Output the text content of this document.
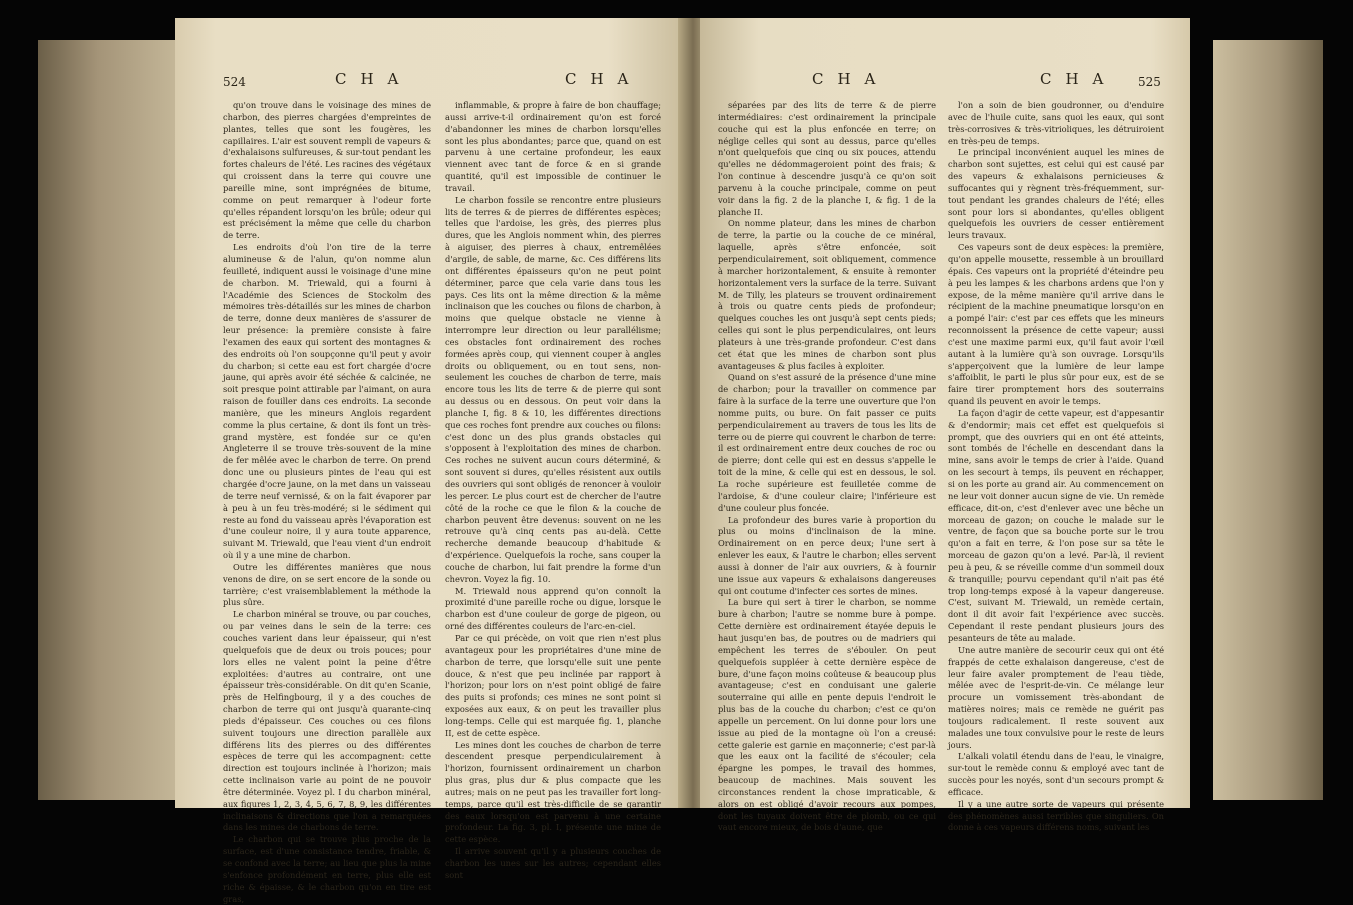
524	CHA	CHA

qu'on trouve dans le voisinage des mines de charbon, des pierres chargées d'empreintes de plantes, telles que sont les fougères, les capillaires. L'air est souvent rempli de vapeurs & d'exhalaisons sulfureuses, & sur-tout pendant les fortes chaleurs de l'été. Les racines des végétaux qui croissent dans la terre qui couvre une pareille mine, sont imprégnées de bitume, comme on peut remarquer à l'odeur forte qu'elles répandent lorsqu'on les brûle; odeur qui est précisément la même que celle du charbon de terre.

Les endroits d'où l'on tire de la terre alumineuse & de l'alun, qu'on nomme alun feuilleté, indiquent aussi le voisinage d'une mine de charbon. M. Triewald, qui a fourni à l'Académie des Sciences de Stockolm des mémoires très-détaillés sur les mines de charbon de terre, donne deux manières de s'assurer de leur présence: la première consiste à faire l'examen des eaux qui sortent des montagnes & des endroits où l'on soupçonne qu'il peut y avoir du charbon; si cette eau est fort chargée d'ocre jaune, qui après avoir été séchée & calcinée, ne soit presque point attirable par l'aimant, on aura raison de fouiller dans ces endroits. La seconde manière, que les mineurs Anglois regardent comme la plus certaine, & dont ils font un très-grand mystère, est fondée sur ce qu'en Angleterre il se trouve très-souvent de la mine de fer mêlée avec le charbon de terre. On prend donc une ou plusieurs pintes de l'eau qui est chargée d'ocre jaune, on la met dans un vaisseau de terre neuf vernissé, & on la fait évaporer par à peu à un feu très-modéré; si le sédiment qui reste au fond du vaisseau après l'évaporation est d'une couleur noire, il y aura toute apparence, suivant M. Triewald, que l'eau vient d'un endroit où il y a une mine de charbon.

Outre les différentes manières que nous venons de dire, on se sert encore de la sonde ou tarrière; c'est vraisemblablement la méthode la plus sûre.

Le charbon minéral se trouve, ou par couches, ou par veines dans le sein de la terre: ces couches varient dans leur épaisseur, qui n'est quelquefois que de deux ou trois pouces; pour lors elles ne valent point la peine d'être exploitées: d'autres au contraire, ont une épaisseur très-considérable. On dit qu'en Scanie, près de Helfingbourg, il y a des couches de charbon de terre qui ont jusqu'à quarante-cinq pieds d'épaisseur. Ces couches ou ces filons suivent toujours une direction parallèle aux différens lits des pierres ou des différentes espèces de terre qui les accompagnent: cette direction est toujours inclinée à l'horizon; mais cette inclinaison varie au point de ne pouvoir être déterminée. Voyez pl. I du charbon minéral, aux figures 1, 2, 3, 4, 5, 6, 7, 8, 9, les différentes inclinaisons & directions que l'on a remarquées dans les mines de charbons de terre.

Le charbon qui se trouve plus proche de la surface, est d'une consistance tendre, friable, & se confond avec la terre; au lieu que plus la mine s'enfonce profondément en terre, plus elle est riche & épaisse, & le charbon qu'on en tire est gras,

inflammable, & propre à faire de bon chauffage; aussi arrive-t-il ordinairement qu'on est forcé d'abandonner les mines de charbon lorsqu'elles sont les plus abondantes; parce que, quand on est parvenu à une certaine profondeur, les eaux viennent avec tant de force & en si grande quantité, qu'il est impossible de continuer le travail.

Le charbon fossile se rencontre entre plusieurs lits de terres & de pierres de différentes espèces; telles que l'ardoise, les grès, des pierres plus dures, que les Anglois nomment whin, des pierres à aiguiser, des pierres à chaux, entremêlées d'argile, de sable, de marne, &c. Ces différens lits ont différentes épaisseurs qu'on ne peut point déterminer, parce que cela varie dans tous les pays. Ces lits ont la même direction & la même inclinaison que les couches ou filons de charbon, à moins que quelque obstacle ne vienne à interrompre leur direction ou leur parallélisme; ces obstacles font ordinairement des roches formées après coup, qui viennent couper à angles droits ou obliquement, ou en tout sens, non-seulement les couches de charbon de terre, mais encore tous les lits de terre & de pierre qui sont au dessus ou en dessous. On peut voir dans la planche I, fig. 8 & 10, les différentes directions que ces roches font prendre aux couches ou filons: c'est donc un des plus grands obstacles qui s'opposent à l'exploitation des mines de charbon. Ces roches ne suivent aucun cours déterminé, & sont souvent si dures, qu'elles résistent aux outils des ouvriers qui sont obligés de renoncer à vouloir les percer. Le plus court est de chercher de l'autre côté de la roche ce que le filon & la couche de charbon peuvent être devenus: souvent on ne les retrouve qu'à cinq cents pas au-delà. Cette recherche demande beaucoup d'habitude & d'expérience. Quelquefois la roche, sans couper la couche de charbon, lui fait prendre la forme d'un chevron. Voyez la fig. 10.

M. Triewald nous apprend qu'on connoît la proximité d'une pareille roche ou digue, lorsque le charbon est d'une couleur de gorge de pigeon, ou orné des différentes couleurs de l'arc-en-ciel.

Par ce qui précède, on voit que rien n'est plus avantageux pour les propriétaires d'une mine de charbon de terre, que lorsqu'elle suit une pente douce, & n'est que peu inclinée par rapport à l'horizon; pour lors on n'est point obligé de faire des puits si profonds; ces mines ne sont point si exposées aux eaux, & on peut les travailler plus long-temps. Celle qui est marquée fig. 1, planche II, est de cette espèce.

Les mines dont les couches de charbon de terre descendent presque perpendiculairement à l'horizon, fournissent ordinairement un charbon plus gras, plus dur & plus compacte que les autres; mais on ne peut pas les travailler fort long-temps, parce qu'il est très-difficile de se garantir des eaux lorsqu'on est parvenu à une certaine profondeur. La fig. 3, pl. I, présente une mine de cette espèce.

Il arrive souvent qu'il y a plusieurs couches de charbon les unes sur les autres; cependant elles sont

CHA	CHA 525

séparées par des lits de terre & de pierre intermédiaires: c'est ordinairement la principale couche qui est la plus enfoncée en terre; on néglige celles qui sont au dessus, parce qu'elles n'ont quelquefois que cinq ou six pouces, attendu qu'elles ne dédommageroient point des frais; & l'on continue à descendre jusqu'à ce qu'on soit parvenu à la couche principale, comme on peut voir dans la fig. 2 de la planche I, & fig. 1 de la planche II.

On nomme plateur, dans les mines de charbon de terre, la partie ou la couche de ce minéral, laquelle, après s'être enfoncée, soit perpendiculairement, soit obliquement, commence à marcher horizontalement, & ensuite à remonter horizontalement vers la surface de la terre. Suivant M. de Tilly, les plateurs se trouvent ordinairement à trois ou quatre cents pieds de profondeur; quelques couches les ont jusqu'à sept cents pieds; celles qui sont le plus perpendiculaires, ont leurs plateurs à une très-grande profondeur. C'est dans cet état que les mines de charbon sont plus avantageuses & plus faciles à exploiter.

Quand on s'est assuré de la présence d'une mine de charbon; pour la travailler on commence par faire à la surface de la terre une ouverture que l'on nomme puits, ou bure. On fait passer ce puits perpendiculairement au travers de tous les lits de terre ou de pierre qui couvrent le charbon de terre: il est ordinairement entre deux couches de roc ou de pierre; dont celle qui est en dessus s'appelle le toit de la mine, & celle qui est en dessous, le sol. La roche supérieure est feuilletée comme de l'ardoise, & d'une couleur claire; l'inférieure est d'une couleur plus foncée.

La profondeur des bures varie à proportion du plus ou moins d'inclinaison de la mine. Ordinairement on en perce deux; l'une sert à enlever les eaux, & l'autre le charbon; elles servent aussi à donner de l'air aux ouvriers, & à fournir une issue aux vapeurs & exhalaisons dangereuses qui ont coutume d'infecter ces sortes de mines.

La bure qui sert à tirer le charbon, se nomme bure à charbon; l'autre se nomme bure à pompe. Cette dernière est ordinairement étayée depuis le haut jusqu'en bas, de poutres ou de madriers qui empêchent les terres de s'ébouler. On peut quelquefois suppléer à cette dernière espèce de bure, d'une façon moins coûteuse & beaucoup plus avantageuse; c'est en conduisant une galerie souterraine qui aille en pente depuis l'endroit le plus bas de la couche du charbon; c'est ce qu'on appelle un percement. On lui donne pour lors une issue au pied de la montagne où l'on a creusé: cette galerie est garnie en maçonnerie; c'est par-là que les eaux ont la facilité de s'écouler; cela épargne les pompes, le travail des hommes, beaucoup de machines. Mais souvent les circonstances rendent la chose impraticable, & alors on est obligé d'avoir recours aux pompes, dont les tuyaux doivent être de plomb, ou ce qui vaut encore mieux, de bois d'aune, que

l'on a soin de bien goudronner, ou d'enduire avec de l'huile cuite, sans quoi les eaux, qui sont très-corrosives & très-vitrioliques, les détruiroient en très-peu de temps.

Le principal inconvénient auquel les mines de charbon sont sujettes, est celui qui est causé par des vapeurs & exhalaisons pernicieuses & suffocantes qui y règnent très-fréquemment, sur-tout pendant les grandes chaleurs de l'été; elles sont pour lors si abondantes, qu'elles obligent quelquefois les ouvriers de cesser entièrement leurs travaux.

Ces vapeurs sont de deux espèces: la première, qu'on appelle mousette, ressemble à un brouillard épais. Ces vapeurs ont la propriété d'éteindre peu à peu les lampes & les charbons ardens que l'on y expose, de la même manière qu'il arrive dans le récipient de la machine pneumatique lorsqu'on en a pompé l'air: c'est par ces effets que les mineurs reconnoissent la présence de cette vapeur; aussi c'est une maxime parmi eux, qu'il faut avoir l'œil autant à la lumière qu'à son ouvrage. Lorsqu'ils s'apperçoivent que la lumière de leur lampe s'affoiblit, le parti le plus sûr pour eux, est de se faire tirer promptement hors des souterrains quand ils peuvent en avoir le temps.

La façon d'agir de cette vapeur, est d'appesantir & d'endormir; mais cet effet est quelquefois si prompt, que des ouvriers qui en ont été atteints, sont tombés de l'échelle en descendant dans la mine, sans avoir le temps de crier à l'aide. Quand on les secourt à temps, ils peuvent en réchapper, si on les porte au grand air. Au commencement on ne leur voit donner aucun signe de vie. Un remède efficace, dit-on, c'est d'enlever avec une bêche un morceau de gazon; on couche le malade sur le ventre, de façon que sa bouche porte sur le trou qu'on a fait en terre, & l'on pose sur sa tête le morceau de gazon qu'on a levé. Par-là, il revient peu à peu, & se réveille comme d'un sommeil doux & tranquille; pourvu cependant qu'il n'ait pas été trop long-temps exposé à la vapeur dangereuse. C'est, suivant M. Triewald, un remède certain, dont il dit avoir fait l'expérience avec succès. Cependant il reste pendant plusieurs jours des pesanteurs de tête au malade.

Une autre manière de secourir ceux qui ont été frappés de cette exhalaison dangereuse, c'est de leur faire avaler promptement de l'eau tiède, mêlée avec de l'esprit-de-vin. Ce mélange leur procure un vomissement très-abondant de matières noires; mais ce remède ne guérit pas toujours radicalement. Il reste souvent aux malades une toux convulsive pour le reste de leurs jours.

L'alkali volatil étendu dans de l'eau, le vinaigre, sur-tout le remède connu & employé avec tant de succès pour les noyés, sont d'un secours prompt & efficace.

Il y a une autre sorte de vapeurs qui présente des phénomènes aussi terribles que singuliers. On donne à ces vapeurs différens noms, suivant les
